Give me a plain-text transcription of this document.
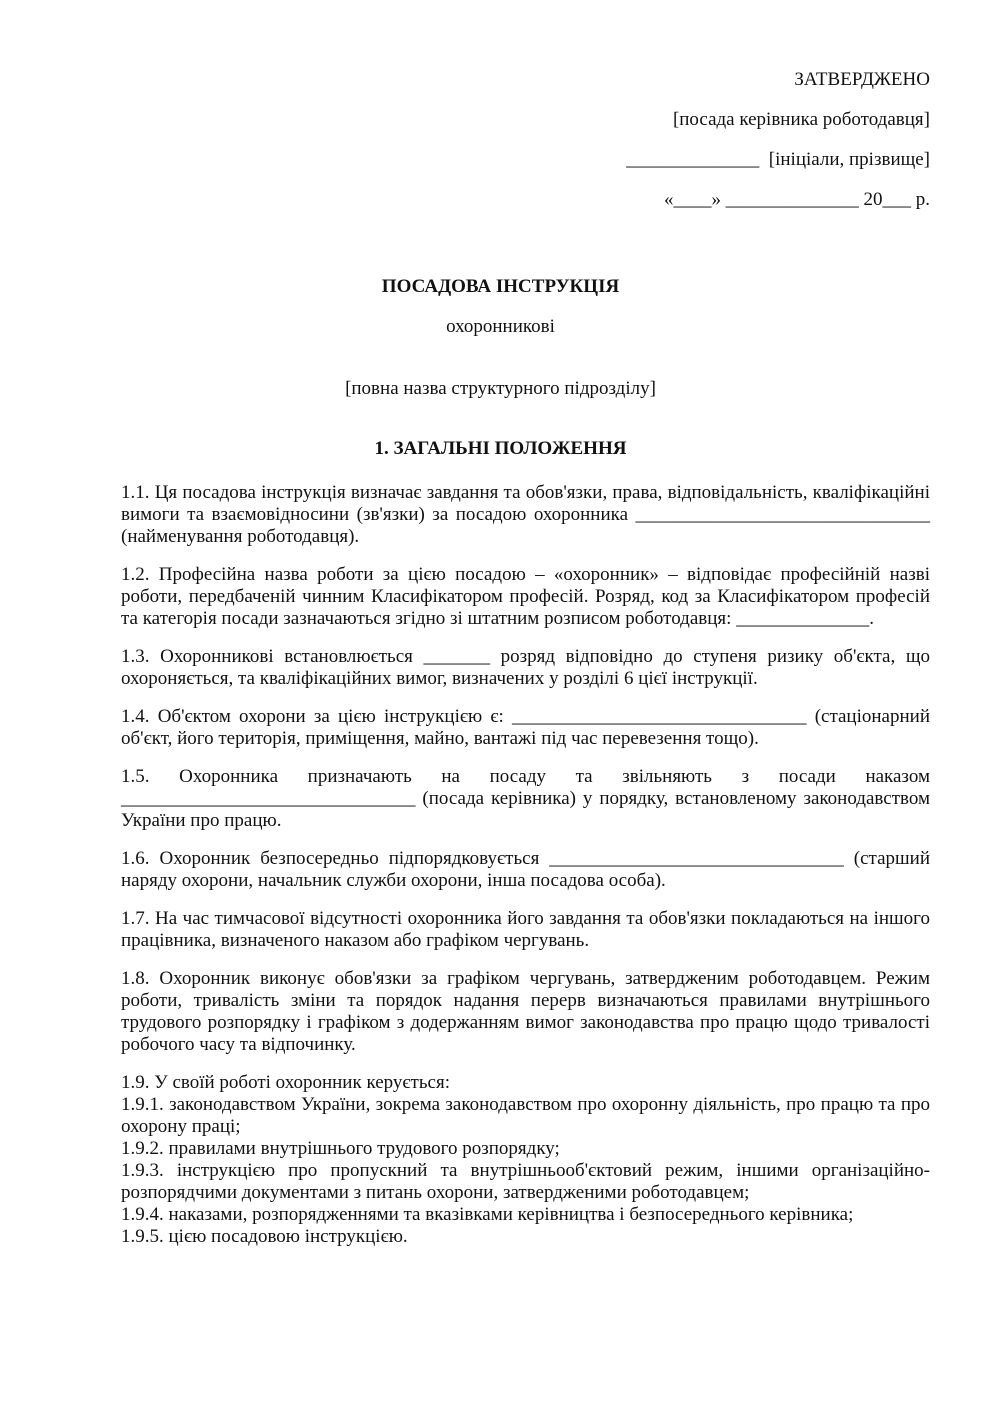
ЗАТВЕРДЖЕНО

[посада керівника роботодавця]

______________  [ініціали, прізвище]

«____» ______________ 20___ р.

ПОСАДОВА ІНСТРУКЦІЯ

охоронникові

[повна назва структурного підрозділу]

1. ЗАГАЛЬНІ ПОЛОЖЕННЯ

1.1. Ця посадова інструкція визначає завдання та обов'язки, права, відповідальність, кваліфікаційні вимоги та взаємовідносини (зв'язки) за посадою охоронника _______________________________ (найменування роботодавця).

1.2. Професійна назва роботи за цією посадою – «охоронник» – відповідає професійній назві роботи, передбаченій чинним Класифікатором професій. Розряд, код за Класифікатором професій та категорія посади зазначаються згідно зі штатним розписом роботодавця: ______________.

1.3. Охоронникові встановлюється _______ розряд відповідно до ступеня ризику об'єкта, що охороняється, та кваліфікаційних вимог, визначених у розділі 6 цієї інструкції.

1.4. Об'єктом охорони за цією інструкцією є: _______________________________ (стаціонарний об'єкт, його територія, приміщення, майно, вантажі під час перевезення тощо).

1.5. Охоронника призначають на посаду та звільняють з посади наказом _______________________________ (посада керівника) у порядку, встановленому законодавством України про працю.

1.6. Охоронник безпосередньо підпорядковується _______________________________ (старший наряду охорони, начальник служби охорони, інша посадова особа).

1.7. На час тимчасової відсутності охоронника його завдання та обов'язки покладаються на іншого працівника, визначеного наказом або графіком чергувань.

1.8. Охоронник виконує обов'язки за графіком чергувань, затвердженим роботодавцем. Режим роботи, тривалість зміни та порядок надання перерв визначаються правилами внутрішнього трудового розпорядку і графіком з додержанням вимог законодавства про працю щодо тривалості робочого часу та відпочинку.

1.9. У своїй роботі охоронник керується:

1.9.1. законодавством України, зокрема законодавством про охоронну діяльність, про працю та про охорону праці;

1.9.2. правилами внутрішнього трудового розпорядку;

1.9.3. інструкцією про пропускний та внутрішньооб'єктовий режим, іншими організаційно-розпорядчими документами з питань охорони, затвердженими роботодавцем;

1.9.4. наказами, розпорядженнями та вказівками керівництва і безпосереднього керівника;

1.9.5. цією посадовою інструкцією.
